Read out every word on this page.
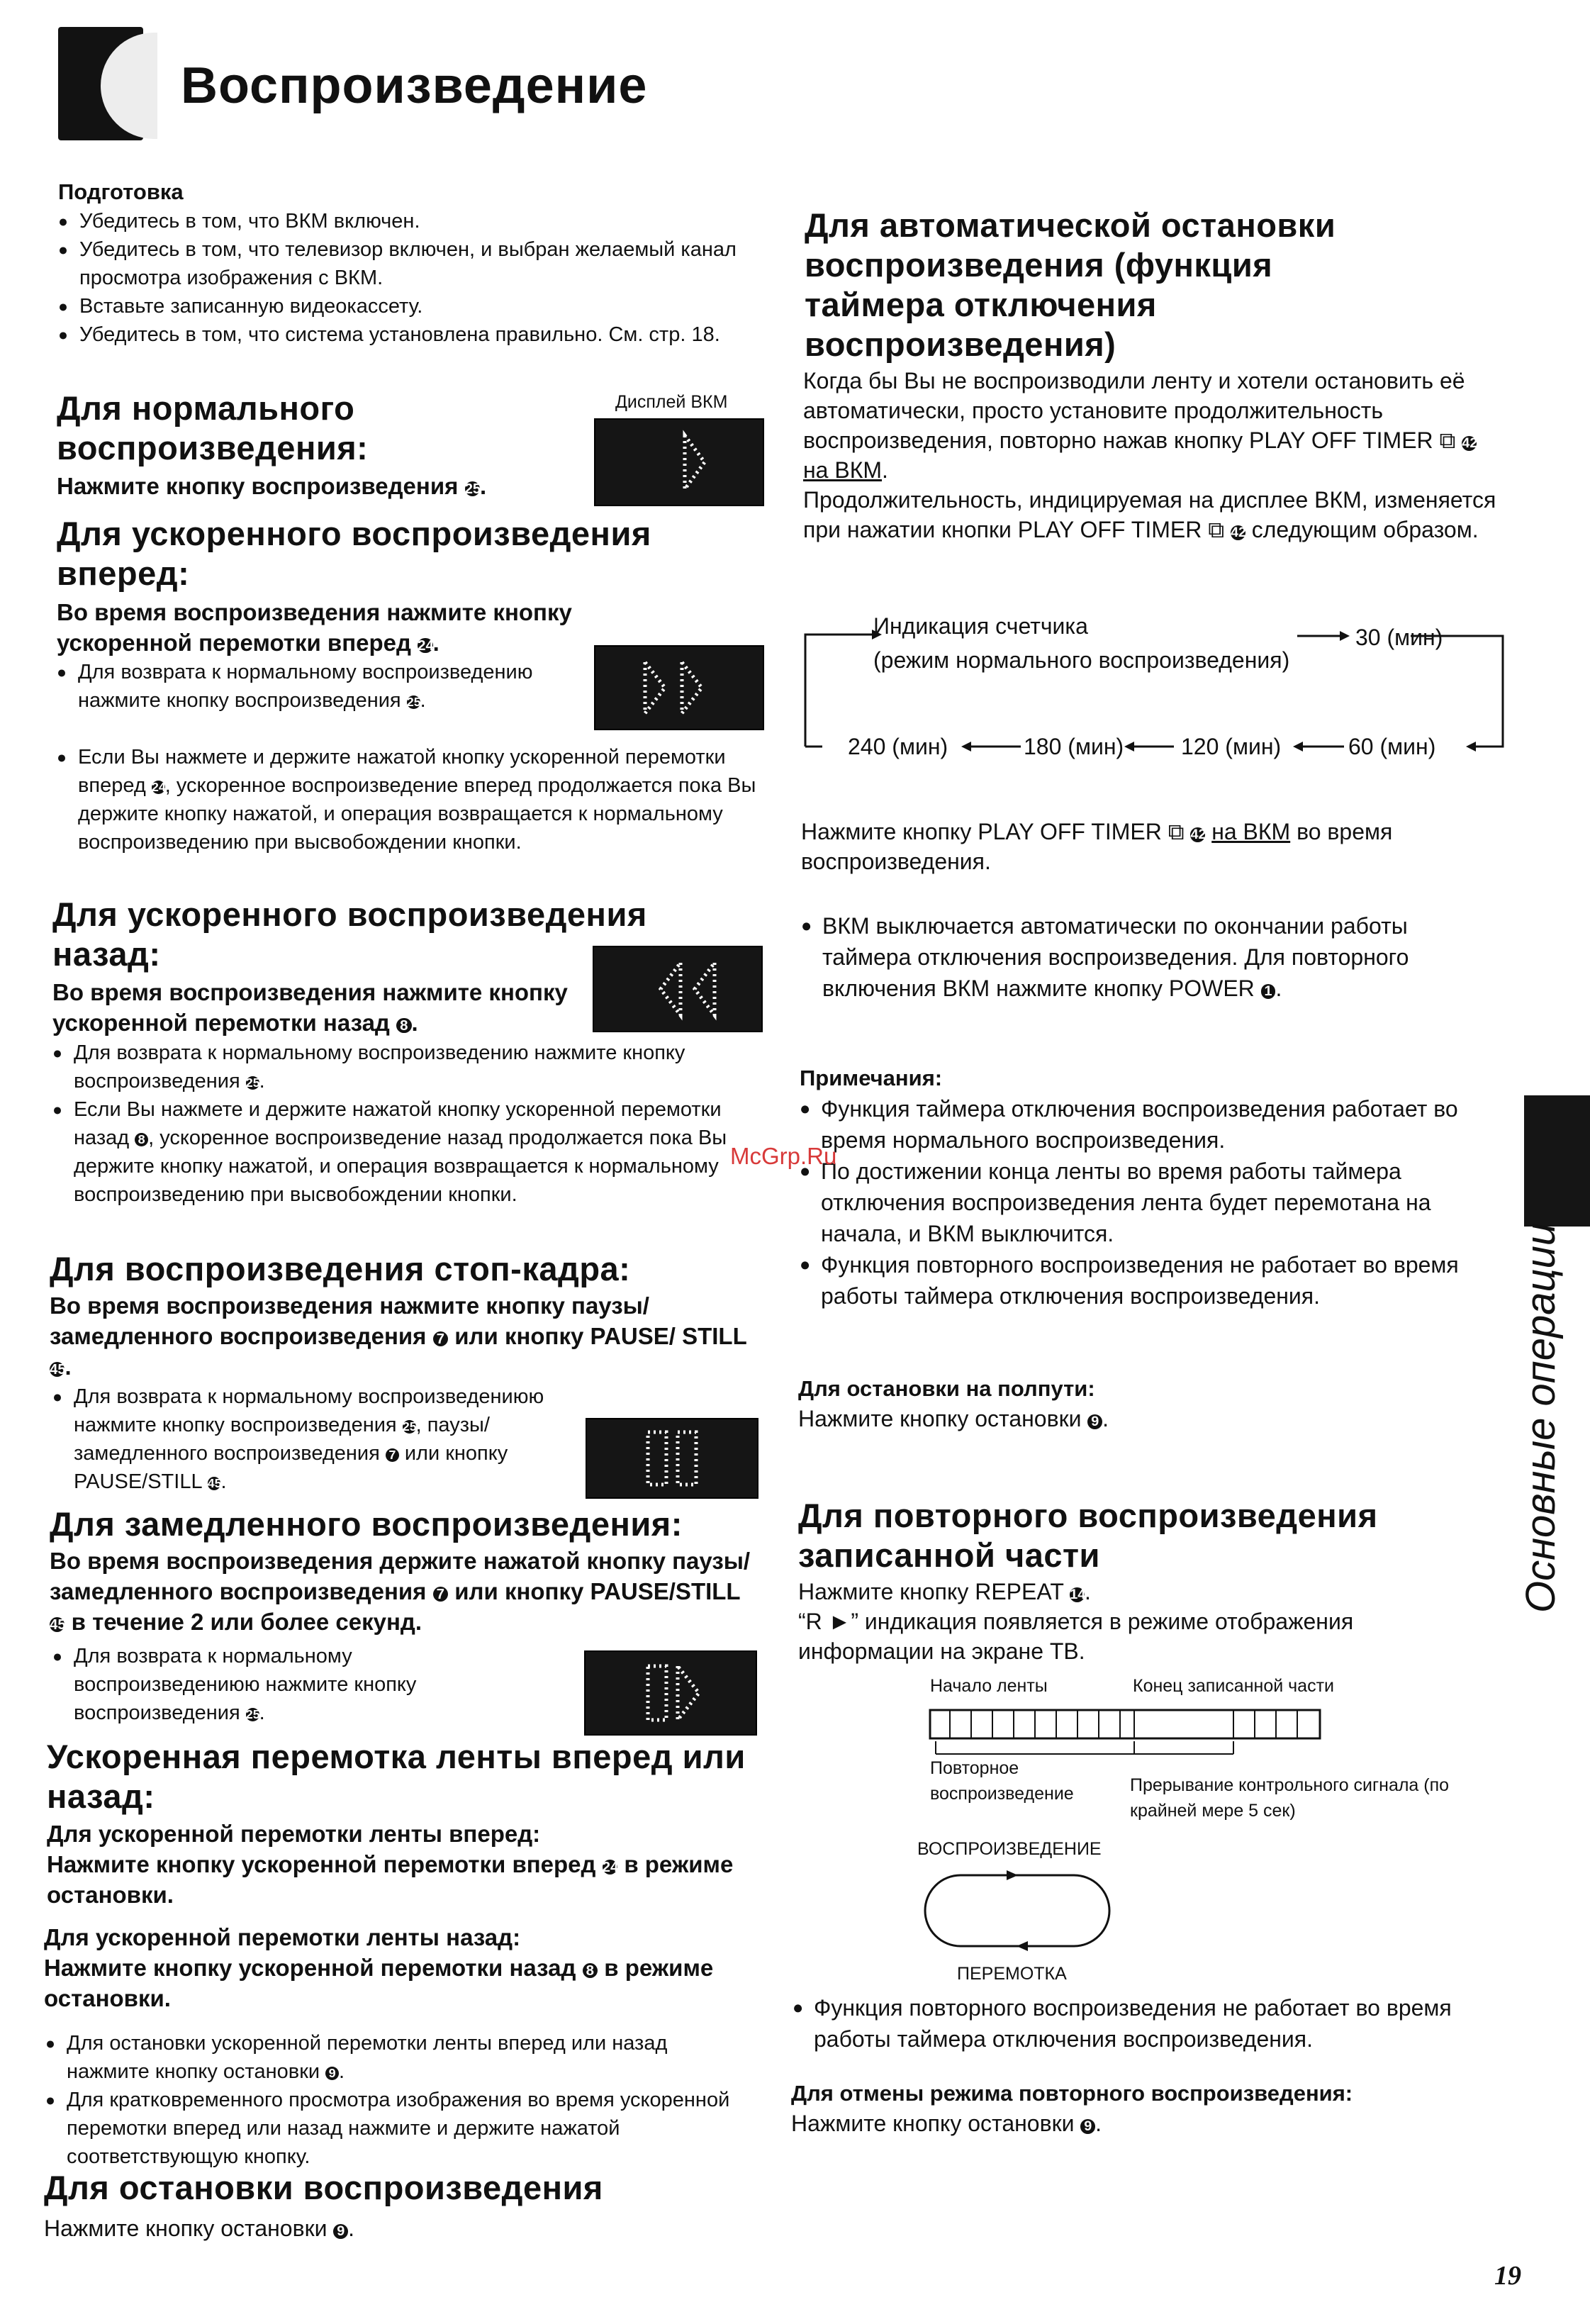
Воспроизведение
Подготовка
● Убедитесь в том, что ВКМ включен.
● Убедитесь в том, что телевизор включен, и выбран желаемый канал просмотра изображения с ВКМ.
● Вставьте записанную видеокассету.
● Убедитесь в том, что система установлена правильно. См. стр. 18.
Для нормального воспроизведения:
Нажмите кнопку воспроизведения 25.
Дисплей ВКМ
Для ускоренного воспроизведения вперед:
Во время воспроизведения нажмите кнопку ускоренной перемотки вперед 24.
● Для возврата к нормальному воспроизведению нажмите кнопку воспроизведения 25.
● Если Вы нажмете и держите нажатой кнопку ускоренной перемотки вперед 24, ускоренное воспроизведение вперед продолжается пока Вы держите кнопку нажатой, и операция возвращается к нормальному воспроизведению при высвобождении кнопки.
Для ускоренного воспроизведения назад:
Во время воспроизведения нажмите кнопку ускоренной перемотки назад 8 .
● Для возврата к нормальному воспроизведению нажмите кнопку воспроизведения 25.
● Если Вы нажмете и держите нажатой кнопку ускоренной перемотки назад 8 , ускоренное воспроизведение назад продолжается пока Вы держите кнопку нажатой, и операция возвращается к нормальному воспроизведению при высвобождении кнопки.
Для воспроизведения стоп-кадра:
Во время воспроизведения нажмите кнопку паузы/ замедленного воспроизведения 7 или кнопку PAUSE/ STILL45.
● Для возврата к нормальному воспроизведениюю нажмите кнопку воспроизведения 25, паузы/ замедленного воспроизведения 7 или кнопку PAUSE/STILL 45.
Для замедленного воспроизведения:
Во время воспроизведения держите нажатой кнопку паузы/замедленного воспроизведения 7 или кнопку PAUSE/STILL 45 в течение 2 или более секунд.
● Для возврата к нормальному воспроизведениюю нажмите кнопку воспроизведения 25.
Ускоренная перемотка ленты вперед или назад:
Для ускоренной перемотки ленты вперед:
Нажмите кнопку ускоренной перемотки вперед 24 в режиме остановки.
Для ускоренной перемотки ленты назад:
Нажмите кнопку ускоренной перемотки назад 8 в режиме остановки.
● Для остановки ускоренной перемотки ленты вперед или назад нажмите кнопку остановки 9 .
● Для кратковременного просмотра изображения во время ускоренной перемотки вперед или назад нажмите и держите нажатой соответствующую кнопку.
Для остановки воспроизведения
Нажмите кнопку остановки 9 .
Для автоматической остановки воспроизведения (функция таймера отключения воспроизведения)
Когда бы Вы не воспроизводили ленту и хотели остановить её автоматически, просто установите продолжительность воспроизведения, повторно нажав кнопку PLAY OFF TIMER ⧉ 42 на ВКМ.
Продолжительность, индицируемая на дисплее ВКМ, изменяется при нажатии кнопки PLAY OFF TIMER ⧉ 42 следующим образом.
Индикация счетчика
(режим нормального воспроизведения)
30 (мин)
240 (мин)	180 (мин)	120 (мин)	60 (мин)
Нажмите кнопку PLAY OFF TIMER ⧉ 42 на ВКМ во время воспроизведения.
● ВКМ выключается автоматически по окончании работы таймера отключения воспроизведения. Для повторного включения ВКМ нажмите кнопку POWER 1 .
Примечания:
● Функция таймера отключения воспроизведения работает во время нормального воспроизведения.
● По достижении конца ленты во время работы таймера отключения воспроизведения лента будет перемотана на начала, и ВКМ выключится.
● Функция повторного воспроизведения не работает во время работы таймера отключения воспроизведения.
Для остановки на полпути:
Нажмите кнопку остановки 9 .
Для повторного воспроизведения записанной части
Нажмите кнопку REPEAT 14.
“R ►” индикация появляется в режиме отображения информации на экране ТВ.
Начало ленты	Конец записанной части
Повторное воспроизведение	Прерывание контрольного сигнала (по крайней мере 5 сек)
ВОСПРОИЗВЕДЕНИЕ
ПЕРЕМОТКА
● Функция повторного воспроизведения не работает во время работы таймера отключения воспроизведения.
Для отмены режима повторного воспроизведения:
Нажмите кнопку остановки 9 .
Основные операции
McGrp.Ru
19
